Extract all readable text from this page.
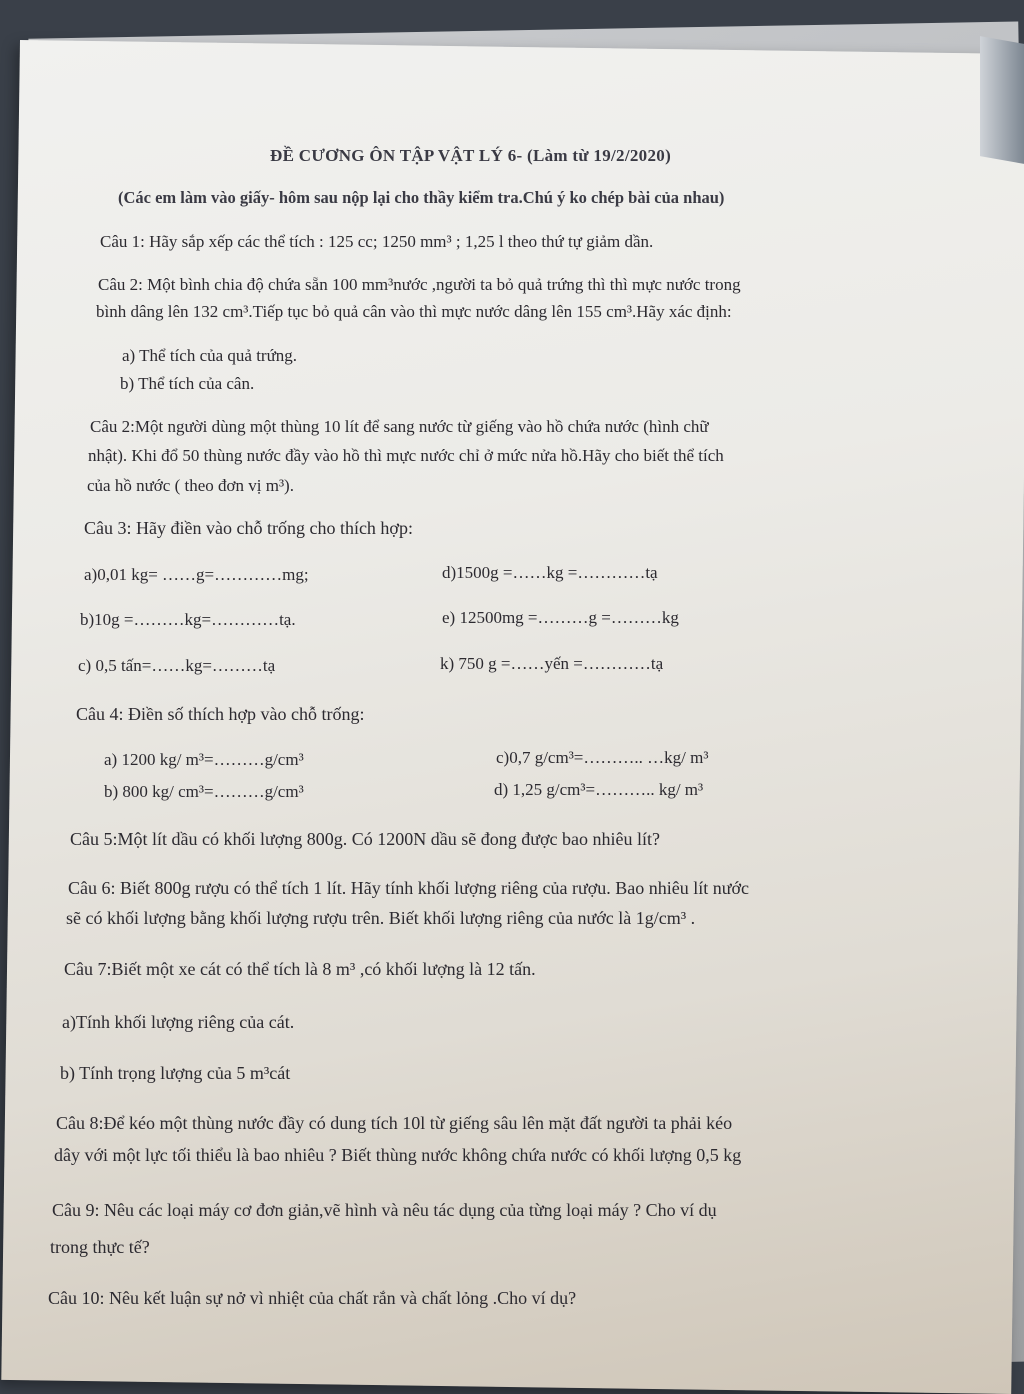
ĐỀ CƯƠNG ÔN TẬP VẬT LÝ 6- (Làm từ 19/2/2020)
(Các em làm vào giấy- hôm sau nộp lại cho thầy kiểm tra.Chú ý ko chép bài của nhau)
Câu 1: Hãy sắp xếp các thể tích : 125 cc; 1250 mm³ ; 1,25 l theo thứ tự giảm dần.
Câu 2: Một bình chia độ chứa sẵn 100 mm³nước ,người ta bỏ quả trứng thì thì mực nước trong
bình dâng lên 132 cm³.Tiếp tục bỏ quả cân vào thì mực nước dâng lên 155 cm³.Hãy xác định:
a) Thể tích của quả trứng.
b) Thể tích của cân.
Câu 2:Một người dùng một thùng 10 lít để sang nước từ giếng vào hồ chứa nước (hình chữ
nhật). Khi đổ 50 thùng nước đầy vào hồ thì mực nước chỉ ở mức nửa hồ.Hãy cho biết thể tích
của hồ nước ( theo đơn vị m³).
Câu 3: Hãy điền vào chỗ trống cho thích hợp:
a)0,01 kg= ……g=…………mg;	d)1500g =……kg =…………tạ
b)10g =………kg=…………tạ.	e) 12500mg =………g =………kg
c) 0,5 tấn=……kg=………tạ	k) 750 g =……yến =…………tạ
Câu 4: Điền số thích hợp vào chỗ trống:
a) 1200 kg/ m³=………g/cm³	c)0,7 g/cm³=……….. …kg/ m³
b) 800 kg/ cm³=………g/cm³	d) 1,25 g/cm³=……….. kg/ m³
Câu 5:Một lít dầu có khối lượng 800g. Có 1200N dầu sẽ đong được bao nhiêu lít?
Câu 6: Biết 800g rượu có thể tích 1 lít. Hãy tính khối lượng riêng của rượu. Bao nhiêu lít nước
sẽ có khối lượng bằng khối lượng rượu trên. Biết khối lượng riêng của nước là 1g/cm³ .
Câu 7:Biết một xe cát có thể tích là 8 m³ ,có khối lượng là 12 tấn.
a)Tính khối lượng riêng của cát.
b) Tính trọng lượng của 5 m³cát
Câu 8:Để kéo một thùng nước đầy có dung tích 10l từ giếng sâu lên mặt đất người ta phải kéo
dây với một lực tối thiểu là bao nhiêu ? Biết thùng nước không chứa nước có khối lượng 0,5 kg
Câu 9: Nêu các loại máy cơ đơn giản,vẽ hình và nêu tác dụng của từng loại máy ? Cho ví dụ
trong thực tế?
Câu 10: Nêu kết luận sự nở vì nhiệt của chất rắn và chất lỏng .Cho ví dụ?
